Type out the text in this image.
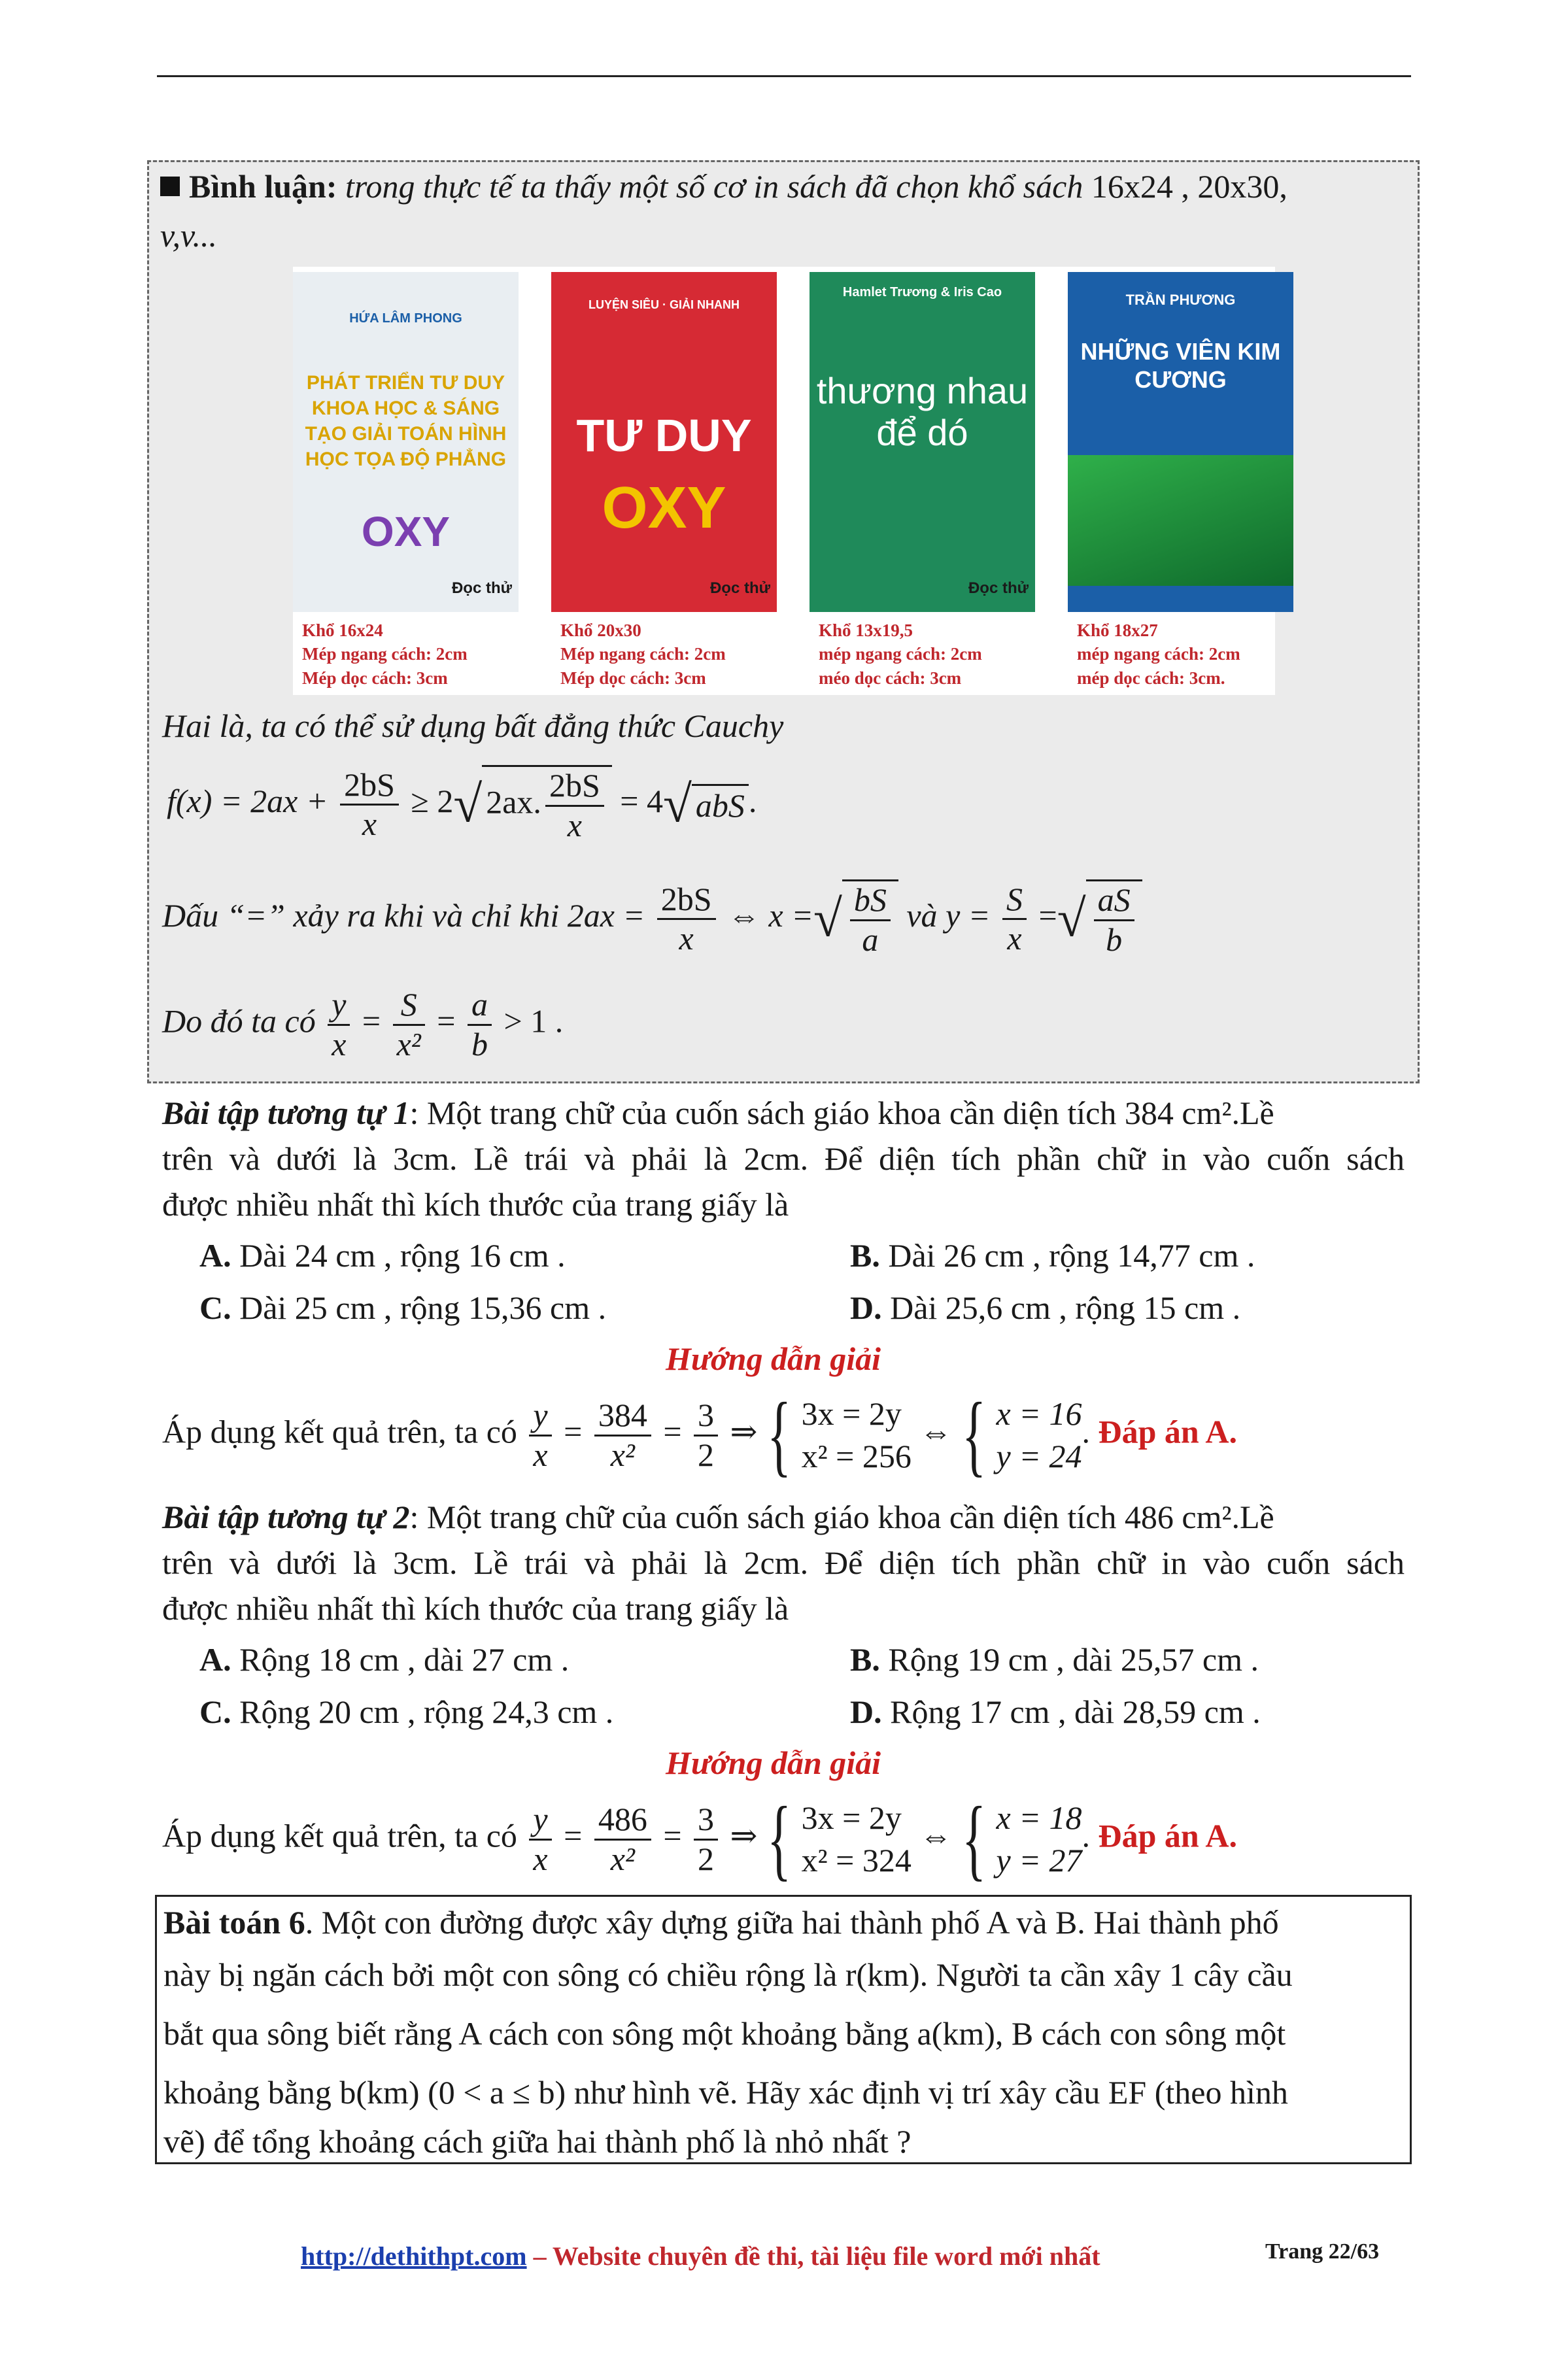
Bình luận: trong thực tế ta thấy một số cơ in sách đã chọn khổ sách 16x24 , 20x30,
v,v...
HỨA LÂM PHONG
PHÁT TRIỂN TƯ DUY KHOA HỌC & SÁNG TẠO GIẢI TOÁN HÌNH HỌC TỌA ĐỘ PHẲNG
OXY
Đọc thử
LUYỆN SIÊU · GIẢI NHANH
TƯ DUY
OXY
Đọc thử
Hamlet Trương & Iris Cao
thương nhau để dó
Đọc thử
TRẦN PHƯƠNG
NHỮNG VIÊN KIM CƯƠNG
Khổ 16x24
Mép ngang cách: 2cm
Mép dọc cách: 3cm
Khổ 20x30
Mép ngang cách: 2cm
Mép dọc cách: 3cm
Khổ 13x19,5
mép ngang cách: 2cm
méo dọc cách: 3cm
Khổ 18x27
mép ngang cách: 2cm
mép dọc cách: 3cm.
Hai là, ta có thể sử dụng bất đẳng thức Cauchy
$f(x) = 2ax + \frac{2bS}{x} \ge 2√$ 2ax. $\frac{2bS}{x} = 4√$ abS .
Dấu “=” xảy ra khi và chỉ khi $2ax = \frac{2bS}{x}$ ⇔ x =√ $\frac{bS}{a}$ và $y = \frac{S}{x}$ =√ $\frac{aS}{b}$
Do đó ta có $\frac{y}{x} = \frac{S}{\text{x²}} = \frac{a}{b} > 1$ .
Bài tập tương tự 1: Một trang chữ của cuốn sách giáo khoa cần diện tích 384 cm².Lề
trên và dưới là 3cm. Lề trái và phải là 2cm. Để diện tích phần chữ in vào cuốn sách
được nhiều nhất thì kích thước của trang giấy là
A. Dài 24 cm , rộng 16 cm .	B. Dài 26 cm , rộng 14,77 cm .
C. Dài 25 cm , rộng 15,36 cm .	D. Dài 25,6 cm , rộng 15 cm .
Hướng dẫn giải
Áp dụng kết quả trên, ta có $\frac{y}{x} = \frac{384}{\text{x²}} = \frac{3}{2}$ ⇒ { 3x = 2y
x² = 256
⇔ { x = 16
y = 24
. Đáp án A.
Bài tập tương tự 2: Một trang chữ của cuốn sách giáo khoa cần diện tích 486 cm².Lề
trên và dưới là 3cm. Lề trái và phải là 2cm. Để diện tích phần chữ in vào cuốn sách
được nhiều nhất thì kích thước của trang giấy là
A. Rộng 18 cm , dài 27 cm .	B. Rộng 19 cm , dài 25,57 cm .
C. Rộng 20 cm , rộng 24,3 cm .	D. Rộng 17 cm , dài 28,59 cm .
Hướng dẫn giải
Áp dụng kết quả trên, ta có $\frac{y}{x} = \frac{486}{\text{x²}} = \frac{3}{2}$ ⇒ { 3x = 2y
x² = 324
⇔ { x = 18
y = 27
. Đáp án A.
Bài toán 6. Một con đường được xây dựng giữa hai thành phố A và B. Hai thành phố
này bị ngăn cách bởi một con sông có chiều rộng là r(km). Người ta cần xây 1 cây cầu
bắt qua sông biết rằng A cách con sông một khoảng bằng a(km), B cách con sông một
khoảng bằng b(km) (0 < a ≤ b) như hình vẽ. Hãy xác định vị trí xây cầu EF (theo hình
vẽ) để tổng khoảng cách giữa hai thành phố là nhỏ nhất ?
http://dethithpt.com – Website chuyên đề thi, tài liệu file word mới nhất	Trang 22/63
